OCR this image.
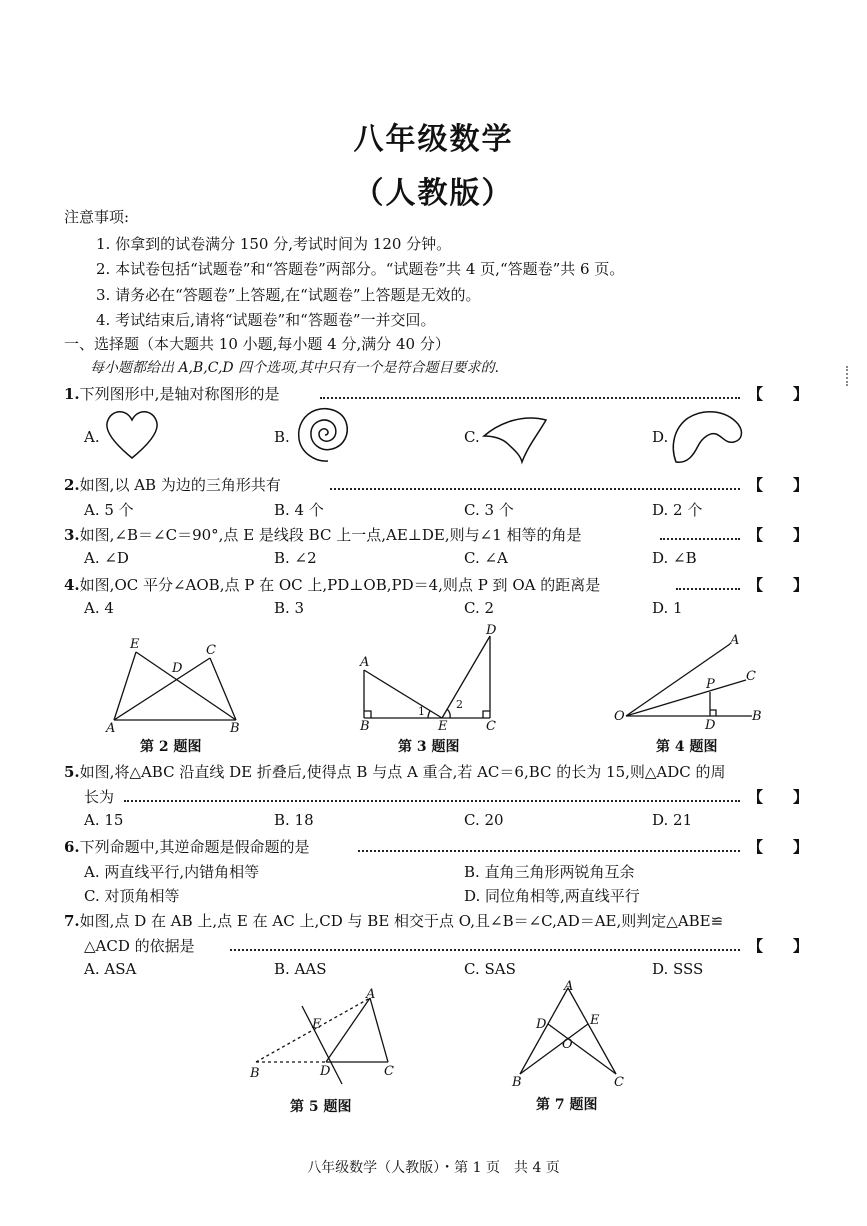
八年级数学
（人教版）
注意事项:
1. 你拿到的试卷满分 150 分,考试时间为 120 分钟。
2. 本试卷包括“试题卷”和“答题卷”两部分。“试题卷”共 4 页,“答题卷”共 6 页。
3. 请务必在“答题卷”上答题,在“试题卷”上答题是无效的。
4. 考试结束后,请将“试题卷”和“答题卷”一并交回。
一、选择题（本大题共 10 小题,每小题 4 分,满分 40 分）
每小题都给出 A,B,C,D 四个选项,其中只有一个是符合题目要求的.
1.下列图形中,是轴对称图形的是	【　　】
A.	B.	C.	D.
2.如图,以 AB 为边的三角形共有	【　　】
A. 5 个	B. 4 个	C. 3 个	D. 2 个
3.如图,∠B＝∠C＝90°,点 E 是线段 BC 上一点,AE⊥DE,则与∠1 相等的角是	【　　】
A. ∠D	B. ∠2	C. ∠A	D. ∠B
4.如图,OC 平分∠AOB,点 P 在 OC 上,PD⊥OB,PD＝4,则点 P 到 OA 的距离是	【　　】
A. 4	B. 3	C. 2	D. 1
E
D
C
A	B
第 2 题图
D
A
1
2
B	E	C
第 3 题图
A
C
P
O
D
B
第 4 题图
5.如图,将△ABC 沿直线 DE 折叠后,使得点 B 与点 A 重合,若 AC＝6,BC 的长为 15,则△ADC 的周
长为	【　　】
A. 15	B. 18	C. 20	D. 21
6.下列命题中,其逆命题是假命题的是	【　　】
A. 两直线平行,内错角相等	B. 直角三角形两锐角互余
C. 对顶角相等	D. 同位角相等,两直线平行
7.如图,点 D 在 AB 上,点 E 在 AC 上,CD 与 BE 相交于点 O,且∠B＝∠C,AD＝AE,则判定△ABE≌
△ACD 的依据是	【　　】
A. ASA	B. AAS	C. SAS	D. SSS
A
E
B	D	C
第 5 题图
A
D	E
O
B	C
第 7 题图
八年级数学（人教版）・第 1 页　共 4 页
